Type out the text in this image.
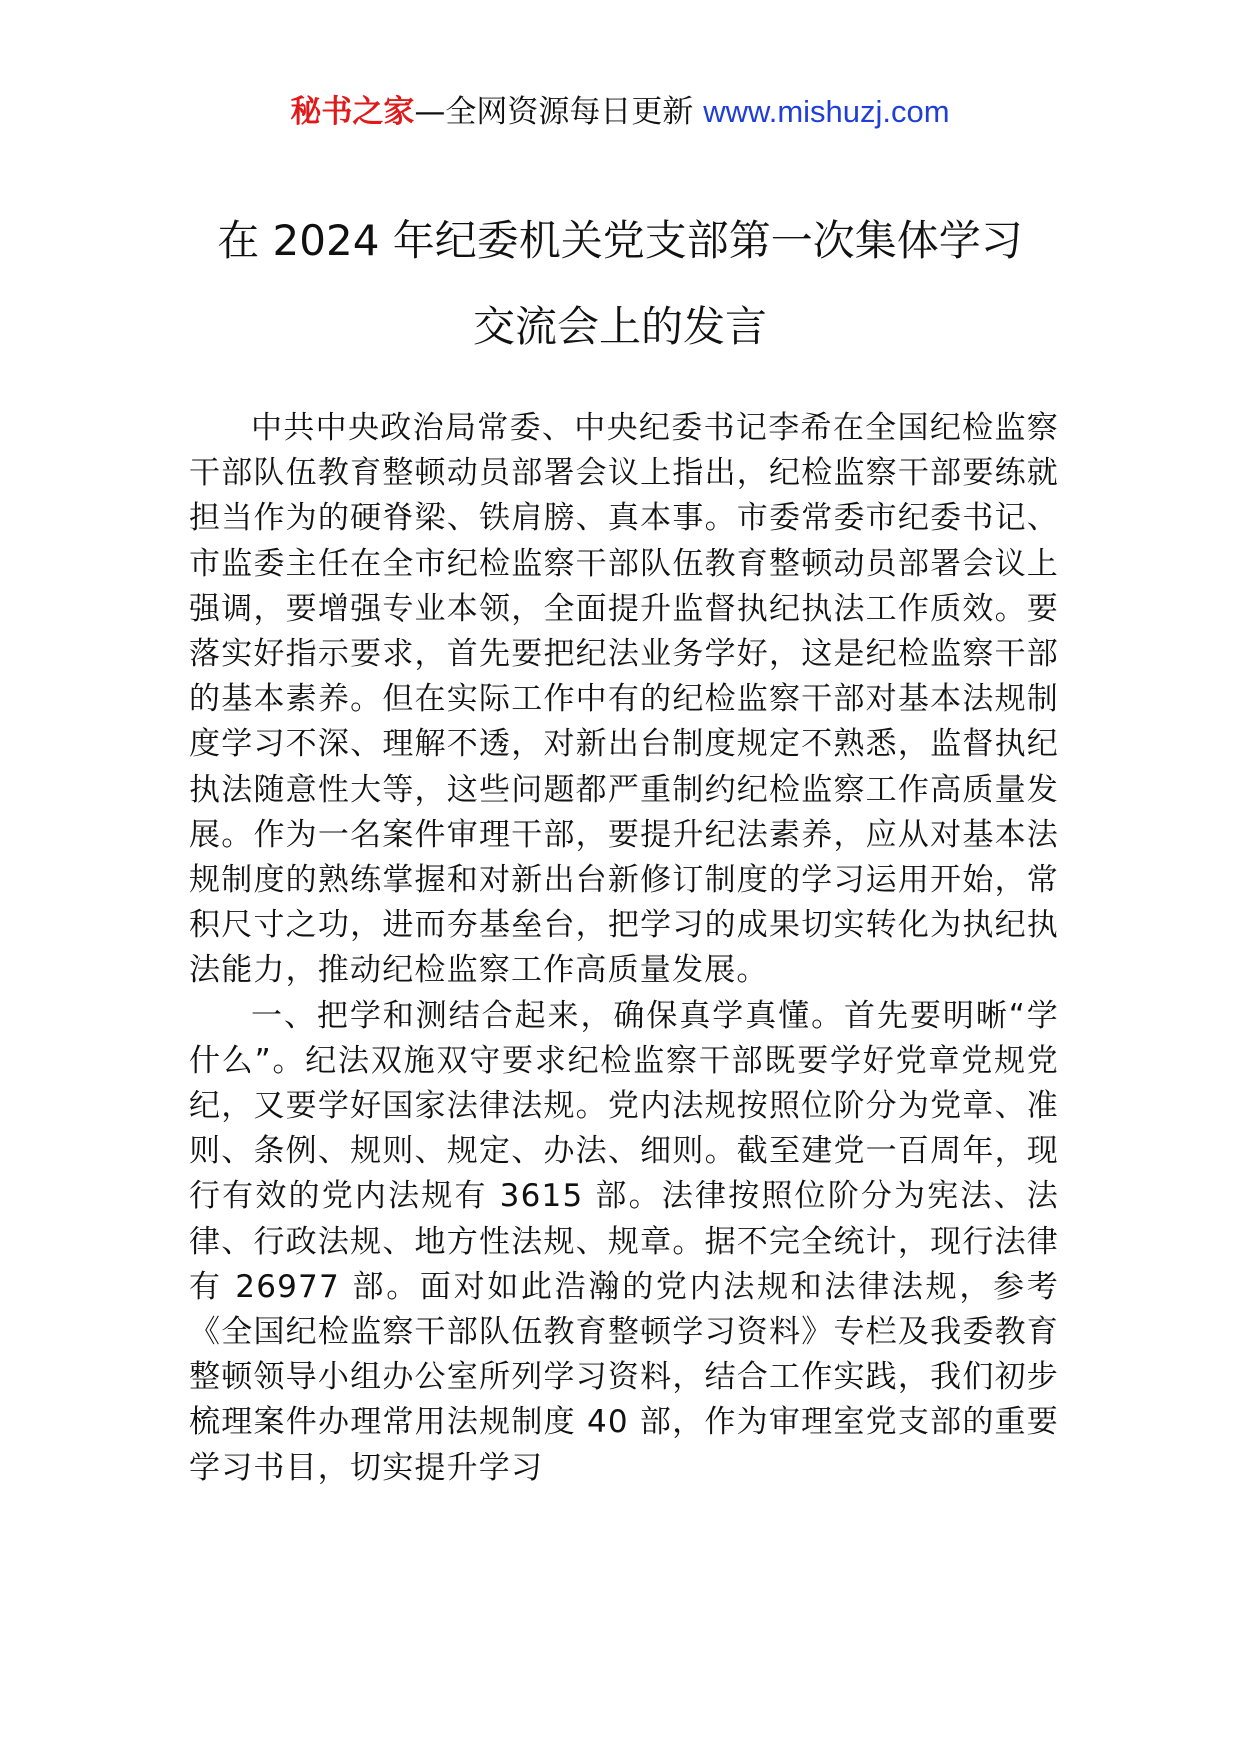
秘书之家—全网资源每日更新 www.mishuzj.com
在 2024 年纪委机关党支部第一次集体学习
交流会上的发言

中共中央政治局常委、中央纪委书记李希在全国纪检监察干部队伍教育整顿动员部署会议上指出，纪检监察干部要练就担当作为的硬脊梁、铁肩膀、真本事。市委常委市纪委书记、市监委主任在全市纪检监察干部队伍教育整顿动员部署会议上强调，要增强专业本领，全面提升监督执纪执法工作质效。要落实好指示要求，首先要把纪法业务学好，这是纪检监察干部的基本素养。但在实际工作中有的纪检监察干部对基本法规制度学习不深、理解不透，对新出台制度规定不熟悉，监督执纪执法随意性大等，这些问题都严重制约纪检监察工作高质量发展。作为一名案件审理干部，要提升纪法素养，应从对基本法规制度的熟练掌握和对新出台新修订制度的学习运用开始，常积尺寸之功，进而夯基垒台，把学习的成果切实转化为执纪执法能力，推动纪检监察工作高质量发展。

一、把学和测结合起来，确保真学真懂。首先要明晰“学什么”。纪法双施双守要求纪检监察干部既要学好党章党规党纪，又要学好国家法律法规。党内法规按照位阶分为党章、准则、条例、规则、规定、办法、细则。截至建党一百周年，现行有效的党内法规有 3615 部。法律按照位阶分为宪法、法律、行政法规、地方性法规、规章。据不完全统计，现行法律有 26977 部。面对如此浩瀚的党内法规和法律法规，参考《全国纪检监察干部队伍教育整顿学习资料》专栏及我委教育整顿领导小组办公室所列学习资料，结合工作实践，我们初步梳理案件办理常用法规制度 40 部，作为审理室党支部的重要学习书目，切实提升学习
